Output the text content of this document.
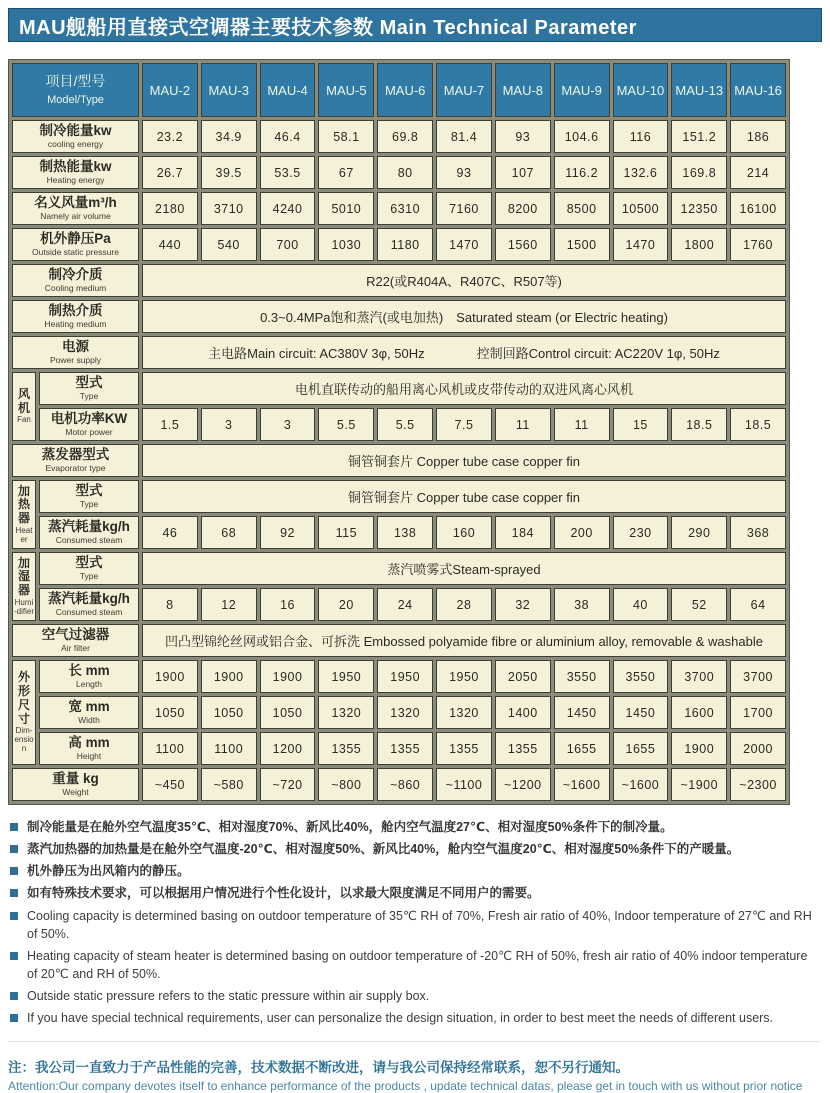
MAU舰船用直接式空调器主要技术参数 Main Technical Parameter
项目/型号
Model/Type
MAU-2	MAU-3	MAU-4	MAU-5	MAU-6	MAU-7	MAU-8	MAU-9	MAU-10 MAU-13 MAU-16
制冷能量kw
cooling energy
23.2	34.9	46.4	58.1	69.8	81.4	93	104.6	116	151.2	186
制热能量kw
Heating energy
26.7	39.5	53.5	67	80	93	107	116.2	132.6	169.8	214
名义风量m³/h
Namely air volume
2180	3710	4240	5010	6310	7160	8200	8500	10500	12350	16100
机外静压Pa
Outside static pressure
440	540	700	1030	1180	1470	1560	1500	1470	1800	1760
制冷介质
Cooling medium	R22(或R404A、R407C、R507等)
制热介质
Heating medium	0.3~0.4MPa饱和蒸汽(或电加热)　Saturated steam (or Electric heating)
电源
Power supply	主电路Main circuit: AC380V 3φ, 50Hz　　　　控制回路Control circuit: AC220V 1φ, 50Hz
风机
Fan
型式
Type	电机直联传动的船用离心风机或皮带传动的双进风离心风机
电机功率KW
Motor power
1.5	3	3	5.5	5.5	7.5	11	11	15	18.5	18.5
蒸发器型式
Evaporator type	铜管铜套片 Copper tube case copper fin
加热器
Heater
型式
Type	铜管铜套片 Copper tube case copper fin
蒸汽耗量kg/h
Consumed steam
46	68	92	115	138	160	184	200	230	290	368
加湿器
Humi-difier
型式
Type	蒸汽喷雾式Steam-sprayed
蒸汽耗量kg/h
Consumed steam
8	12	16	20	24	28	32	38	40	52	64
空气过滤器
Air filter	凹凸型锦纶丝网或铝合金、可拆洗 Embossed polyamide fibre or aluminium alloy, removable & washable
外形尺寸
Dim-ension
长 mm
Length
1900	1900	1900	1950	1950	1950	2050	3550	3550	3700	3700
宽 mm
Width
1050	1050	1050	1320	1320	1320	1400	1450	1450	1600	1700
高 mm
Height
1100	1100	1200	1355	1355	1355	1355	1655	1655	1900	2000
重量 kg
Weight
~450	~580	~720	~800	~860	~1100	~1200	~1600	~1600	~1900	~2300
制冷能量是在舱外空气温度35℃、相对湿度70%、新风比40%，舱内空气温度27℃、相对湿度50%条件下的制冷量。
蒸汽加热器的加热量是在舱外空气温度-20℃、相对湿度50%、新风比40%，舱内空气温度20℃、相对湿度50%条件下的产暖量。
机外静压为出风箱内的静压。
如有特殊技术要求，可以根据用户情况进行个性化设计，以求最大限度满足不同用户的需要。
Cooling capacity is determined basing on outdoor temperature of 35℃ RH of 70%, Fresh air ratio of 40%, Indoor temperature of 27℃ and RH of 50%.
Heating capacity of steam heater is determined basing on outdoor temperature of -20℃ RH of 50%, fresh air ratio of 40% indoor temperature of 20℃ and RH of 50%.
Outside static pressure refers to the static pressure within air supply box.
If you have special technical requirements, user can personalize the design situation, in order to best meet the needs of different users.
注：我公司一直致力于产品性能的完善，技术数据不断改进，请与我公司保持经常联系，恕不另行通知。
Attention:Our company devotes itself to enhance performance of the products , update technical datas, please get in touch with us without prior notice
